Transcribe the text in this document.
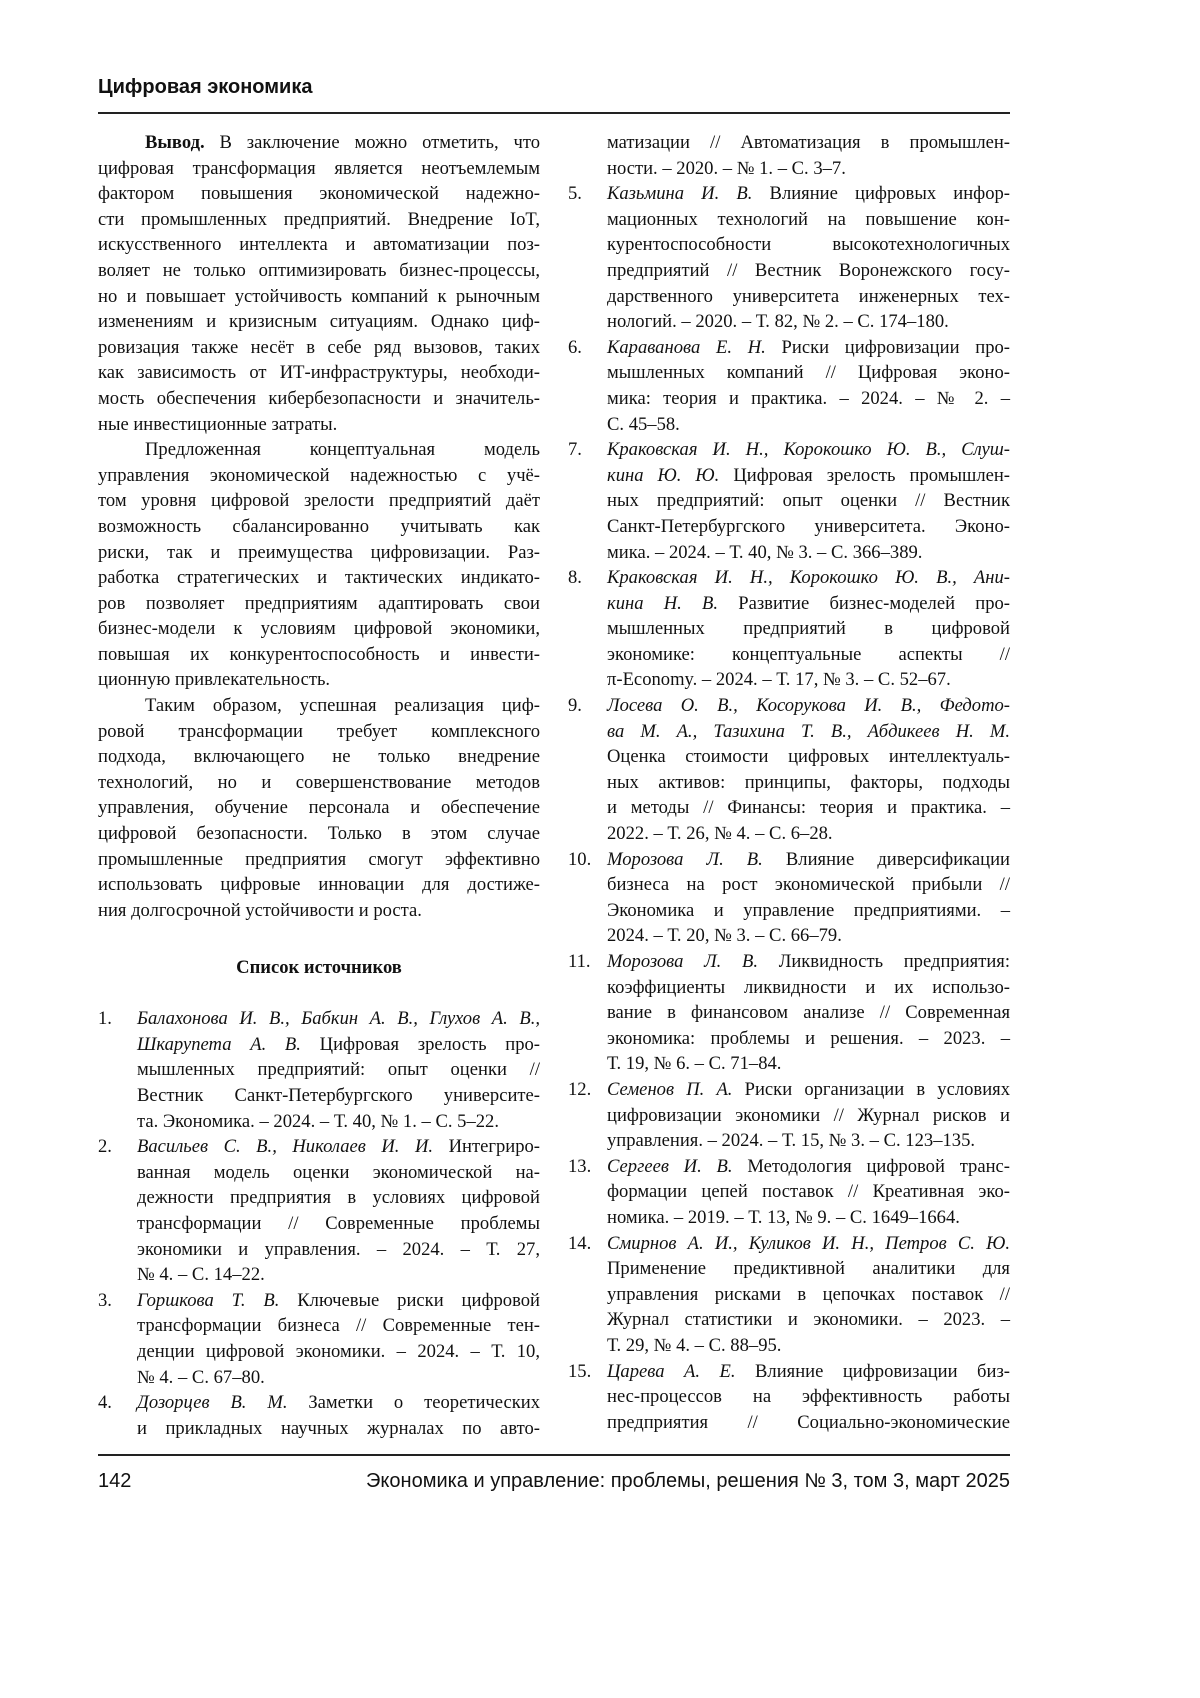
Цифровая экономика
Вывод. В заключение можно отметить, что
цифровая трансформация является неотъемлемым
фактором повышения экономической надежно-
сти промышленных предприятий. Внедрение IoT,
искусственного интеллекта и автоматизации поз-
воляет не только оптимизировать бизнес-процессы,
но и повышает устойчивость компаний к рыночным
изменениям и кризисным ситуациям. Однако циф-
ровизация также несёт в себе ряд вызовов, таких
как зависимость от ИТ-инфраструктуры, необходи-
мость обеспечения кибербезопасности и значитель-
ные инвестиционные затраты.
Предложенная концептуальная модель
управления экономической надежностью с учё-
том уровня цифровой зрелости предприятий даёт
возможность сбалансированно учитывать как
риски, так и преимущества цифровизации. Раз-
работка стратегических и тактических индикато-
ров позволяет предприятиям адаптировать свои
бизнес-модели к условиям цифровой экономики,
повышая их конкурентоспособность и инвести-
ционную привлекательность.
Таким образом, успешная реализация циф-
ровой трансформации требует комплексного
подхода, включающего не только внедрение
технологий, но и совершенствование методов
управления, обучение персонала и обеспечение
цифровой безопасности. Только в этом случае
промышленные предприятия смогут эффективно
использовать цифровые инновации для достиже-
ния долгосрочной устойчивости и роста.
Список источников
1. Балахонова И. В., Бабкин А. В., Глухов А. В.,
Шкарупета А. В. Цифровая зрелость про-
мышленных предприятий: опыт оценки //
Вестник Санкт-Петербургского университе-
та. Экономика. – 2024. – Т. 40, № 1. – С. 5–22.
2. Васильев С. В., Николаев И. И. Интегриро-
ванная модель оценки экономической на-
дежности предприятия в условиях цифровой
трансформации // Современные проблемы
экономики и управления. – 2024. – Т. 27,
№ 4. – С. 14–22.
3. Горшкова Т. В. Ключевые риски цифровой
трансформации бизнеса // Современные тен-
денции цифровой экономики. – 2024. – Т. 10,
№ 4. – С. 67–80.
4. Дозорцев В. М. Заметки о теоретических
и прикладных научных журналах по авто-
матизации // Автоматизация в промышлен-
ности. – 2020. – № 1. – С. 3–7.
5. Казьмина И. В. Влияние цифровых инфор-
мационных технологий на повышение кон-
курентоспособности высокотехнологичных
предприятий // Вестник Воронежского госу-
дарственного университета инженерных тех-
нологий. – 2020. – Т. 82, № 2. – С. 174–180.
6. Караванова Е. Н. Риски цифровизации про-
мышленных компаний // Цифровая эконо-
мика: теория и практика. – 2024. – № 2. –
С. 45–58.
7. Краковская И. Н., Корокошко Ю. В., Слуш-
кина Ю. Ю. Цифровая зрелость промышлен-
ных предприятий: опыт оценки // Вестник
Санкт-Петербургского университета. Эконо-
мика. – 2024. – Т. 40, № 3. – С. 366–389.
8. Краковская И. Н., Корокошко Ю. В., Ани-
кина Н. В. Развитие бизнес-моделей про-
мышленных предприятий в цифровой
экономике: концептуальные аспекты //
π-Economy. – 2024. – Т. 17, № 3. – С. 52–67.
9. Лосева О. В., Косорукова И. В., Федото-
ва М. А., Тазихина Т. В., Абдикеев Н. М.
Оценка стоимости цифровых интеллектуаль-
ных активов: принципы, факторы, подходы
и методы // Финансы: теория и практика. –
2022. – Т. 26, № 4. – С. 6–28.
10. Морозова Л. В. Влияние диверсификации
бизнеса на рост экономической прибыли //
Экономика и управление предприятиями. –
2024. – Т. 20, № 3. – С. 66–79.
11. Морозова Л. В. Ликвидность предприятия:
коэффициенты ликвидности и их использо-
вание в финансовом анализе // Современная
экономика: проблемы и решения. – 2023. –
Т. 19, № 6. – С. 71–84.
12. Семенов П. А. Риски организации в условиях
цифровизации экономики // Журнал рисков и
управления. – 2024. – Т. 15, № 3. – С. 123–135.
13. Сергеев И. В. Методология цифровой транс-
формации цепей поставок // Креативная эко-
номика. – 2019. – Т. 13, № 9. – С. 1649–1664.
14. Смирнов А. И., Куликов И. Н., Петров С. Ю.
Применение предиктивной аналитики для
управления рисками в цепочках поставок //
Журнал статистики и экономики. – 2023. –
Т. 29, № 4. – С. 88–95.
15. Царева А. Е. Влияние цифровизации биз-
нес-процессов на эффективность работы
предприятия // Социально-экономические
142	Экономика и управление: проблемы, решения № 3, том 3, март 2025
